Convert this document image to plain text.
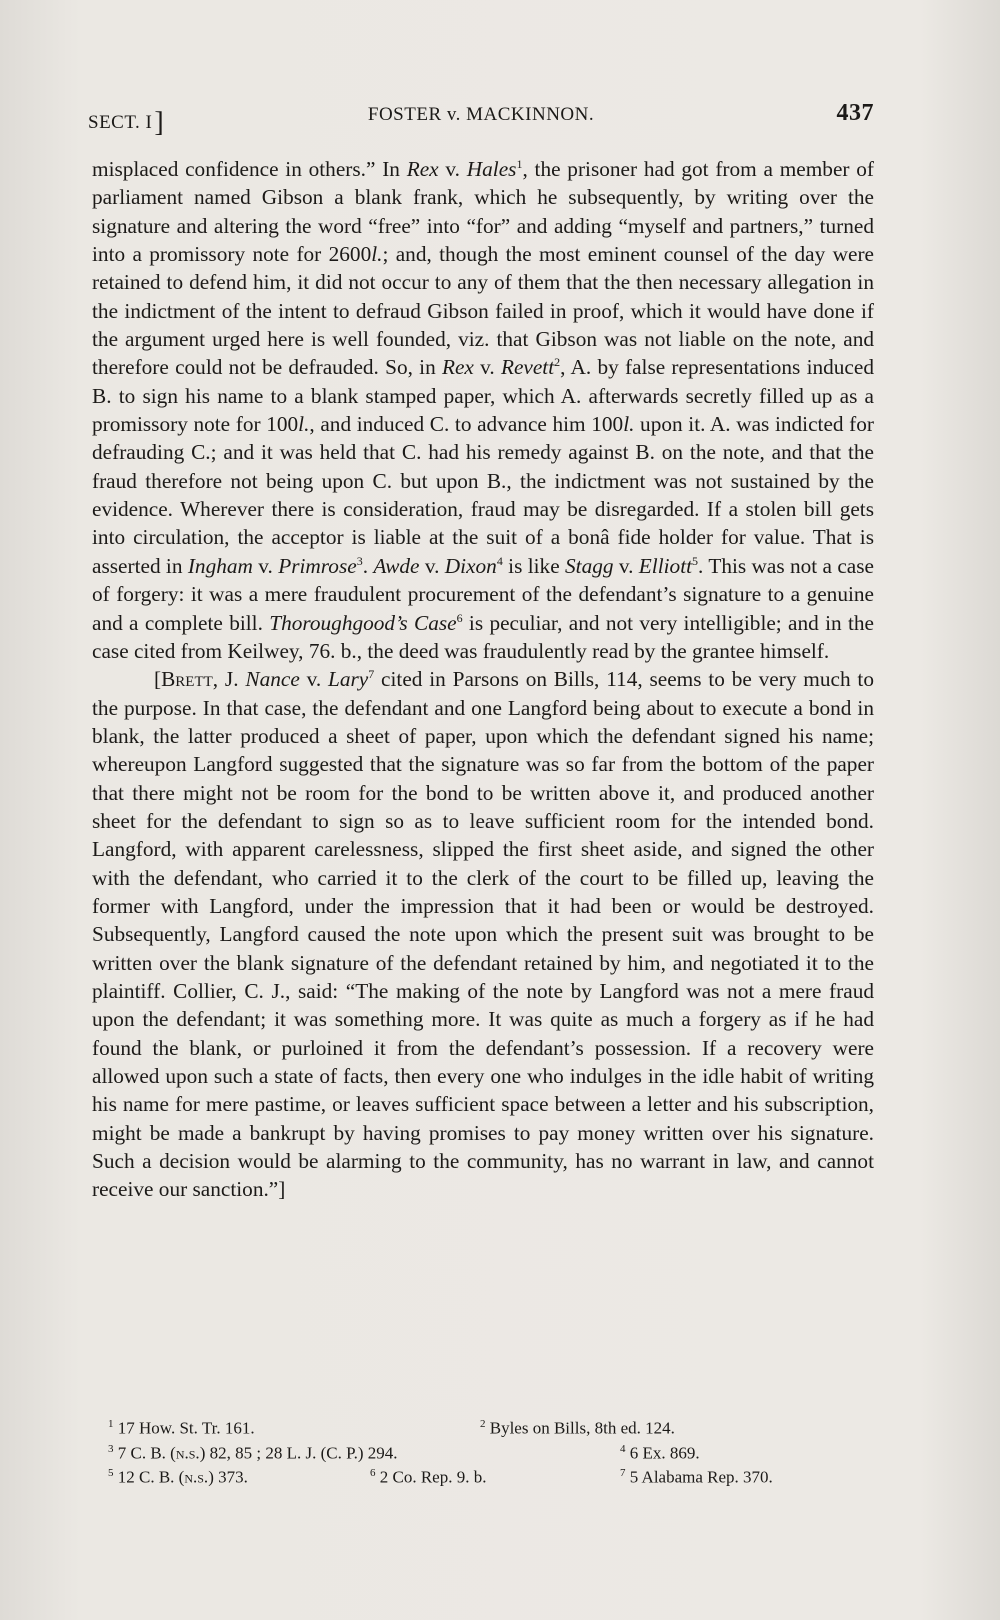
SECT. I]	FOSTER v. MACKINNON.	437

misplaced confidence in others.” In Rex v. Hales$^1$, the prisoner had got from a member of parliament named Gibson a blank frank, which he subsequently, by writing over the signature and altering the word “free” into “for” and adding “myself and partners,” turned into a promissory note for 2600l.; and, though the most eminent counsel of the day were retained to defend him, it did not occur to any of them that the then necessary allegation in the indictment of the intent to defraud Gibson failed in proof, which it would have done if the argument urged here is well founded, viz. that Gibson was not liable on the note, and therefore could not be defrauded. So, in Rex v. Revett$^2$, A. by false representations induced B. to sign his name to a blank stamped paper, which A. afterwards secretly filled up as a promissory note for 100l., and induced C. to advance him 100l. upon it. A. was indicted for defrauding C.; and it was held that C. had his remedy against B. on the note, and that the fraud therefore not being upon C. but upon B., the indictment was not sustained by the evidence. Wherever there is consideration, fraud may be disregarded. If a stolen bill gets into circulation, the acceptor is liable at the suit of a bonâ fide holder for value. That is asserted in Ingham v. Primrose$^3$. Awde v. Dixon$^4$ is like Stagg v. Elliott$^5$. This was not a case of forgery: it was a mere fraudulent procurement of the defendant’s signature to a genuine and a complete bill. Thoroughgood’s Case$^6$ is peculiar, and not very intelligible; and in the case cited from Keilwey, 76. b., the deed was fraudulently read by the grantee himself.

[Brett, J. Nance v. Lary$^7$ cited in Parsons on Bills, 114, seems to be very much to the purpose. In that case, the defendant and one Langford being about to execute a bond in blank, the latter produced a sheet of paper, upon which the defendant signed his name; whereupon Langford suggested that the signature was so far from the bottom of the paper that there might not be room for the bond to be written above it, and produced another sheet for the defendant to sign so as to leave sufficient room for the intended bond. Langford, with apparent carelessness, slipped the first sheet aside, and signed the other with the defendant, who carried it to the clerk of the court to be filled up, leaving the former with Langford, under the impression that it had been or would be destroyed. Subsequently, Langford caused the note upon which the present suit was brought to be written over the blank signature of the defendant retained by him, and negotiated it to the plaintiff. Collier, C. J., said: “The making of the note by Langford was not a mere fraud upon the defendant; it was something more. It was quite as much a forgery as if he had found the blank, or purloined it from the defendant’s possession. If a recovery were allowed upon such a state of facts, then every one who indulges in the idle habit of writing his name for mere pastime, or leaves sufficient space between a letter and his subscription, might be made a bankrupt by having promises to pay money written over his signature. Such a decision would be alarming to the community, has no warrant in law, and cannot receive our sanction.”]

$^1$ 17 How. St. Tr. 161.	$^2$ Byles on Bills, 8th ed. 124.
$^3$ 7 C. B. (n.s.) 82, 85 ; 28 L. J. (C. P.) 294.	$^4$ 6 Ex. 869.
$^5$ 12 C. B. (n.s.) 373.	$^6$ 2 Co. Rep. 9. b.	$^7$ 5 Alabama Rep. 370.
